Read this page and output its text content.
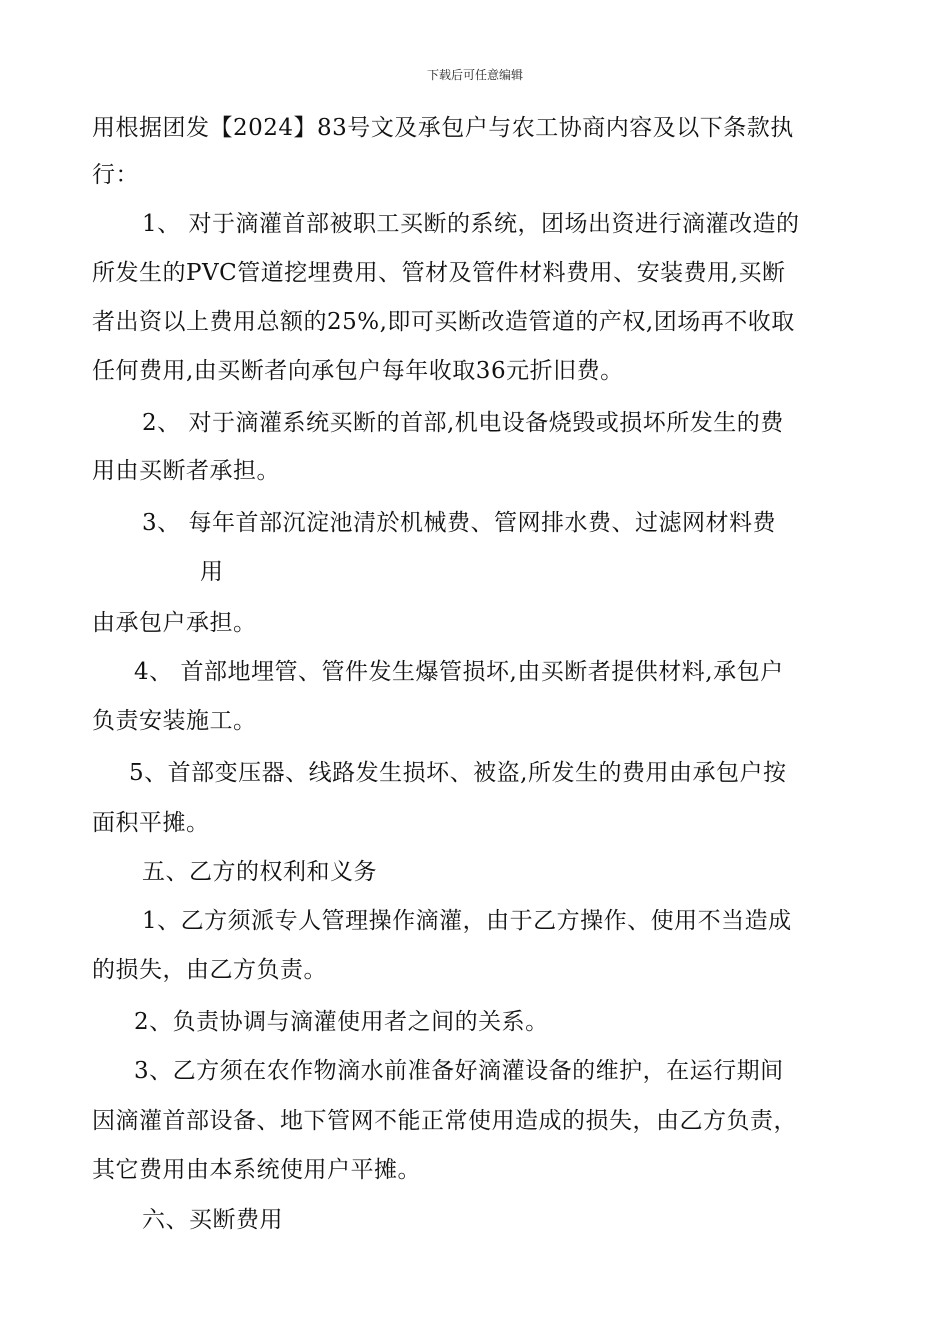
下载后可任意编辑
用根据团发【2024】83号文及承包户与农工协商内容及以下条款执
行：
1、 对于滴灌首部被职工买断的系统，团场出资进行滴灌改造的
所发生的PVC管道挖埋费用、管材及管件材料费用、安装费用,买断
者出资以上费用总额的25%,即可买断改造管道的产权,团场再不收取
任何费用,由买断者向承包户每年收取36元折旧费。
2、 对于滴灌系统买断的首部,机电设备烧毁或损坏所发生的费
用由买断者承担。
3、 每年首部沉淀池清於机械费、管网排水费、过滤网材料费
用
由承包户承担。
4、 首部地埋管、管件发生爆管损坏,由买断者提供材料,承包户
负责安装施工。
5、首部变压器、线路发生损坏、被盗,所发生的费用由承包户按
面积平摊。
五、乙方的权利和义务
1、乙方须派专人管理操作滴灌，由于乙方操作、使用不当造成
的损失，由乙方负责。
2、负责协调与滴灌使用者之间的关系。
3、乙方须在农作物滴水前准备好滴灌设备的维护，在运行期间
因滴灌首部设备、地下管网不能正常使用造成的损失，由乙方负责，
其它费用由本系统使用户平摊。
六、买断费用
